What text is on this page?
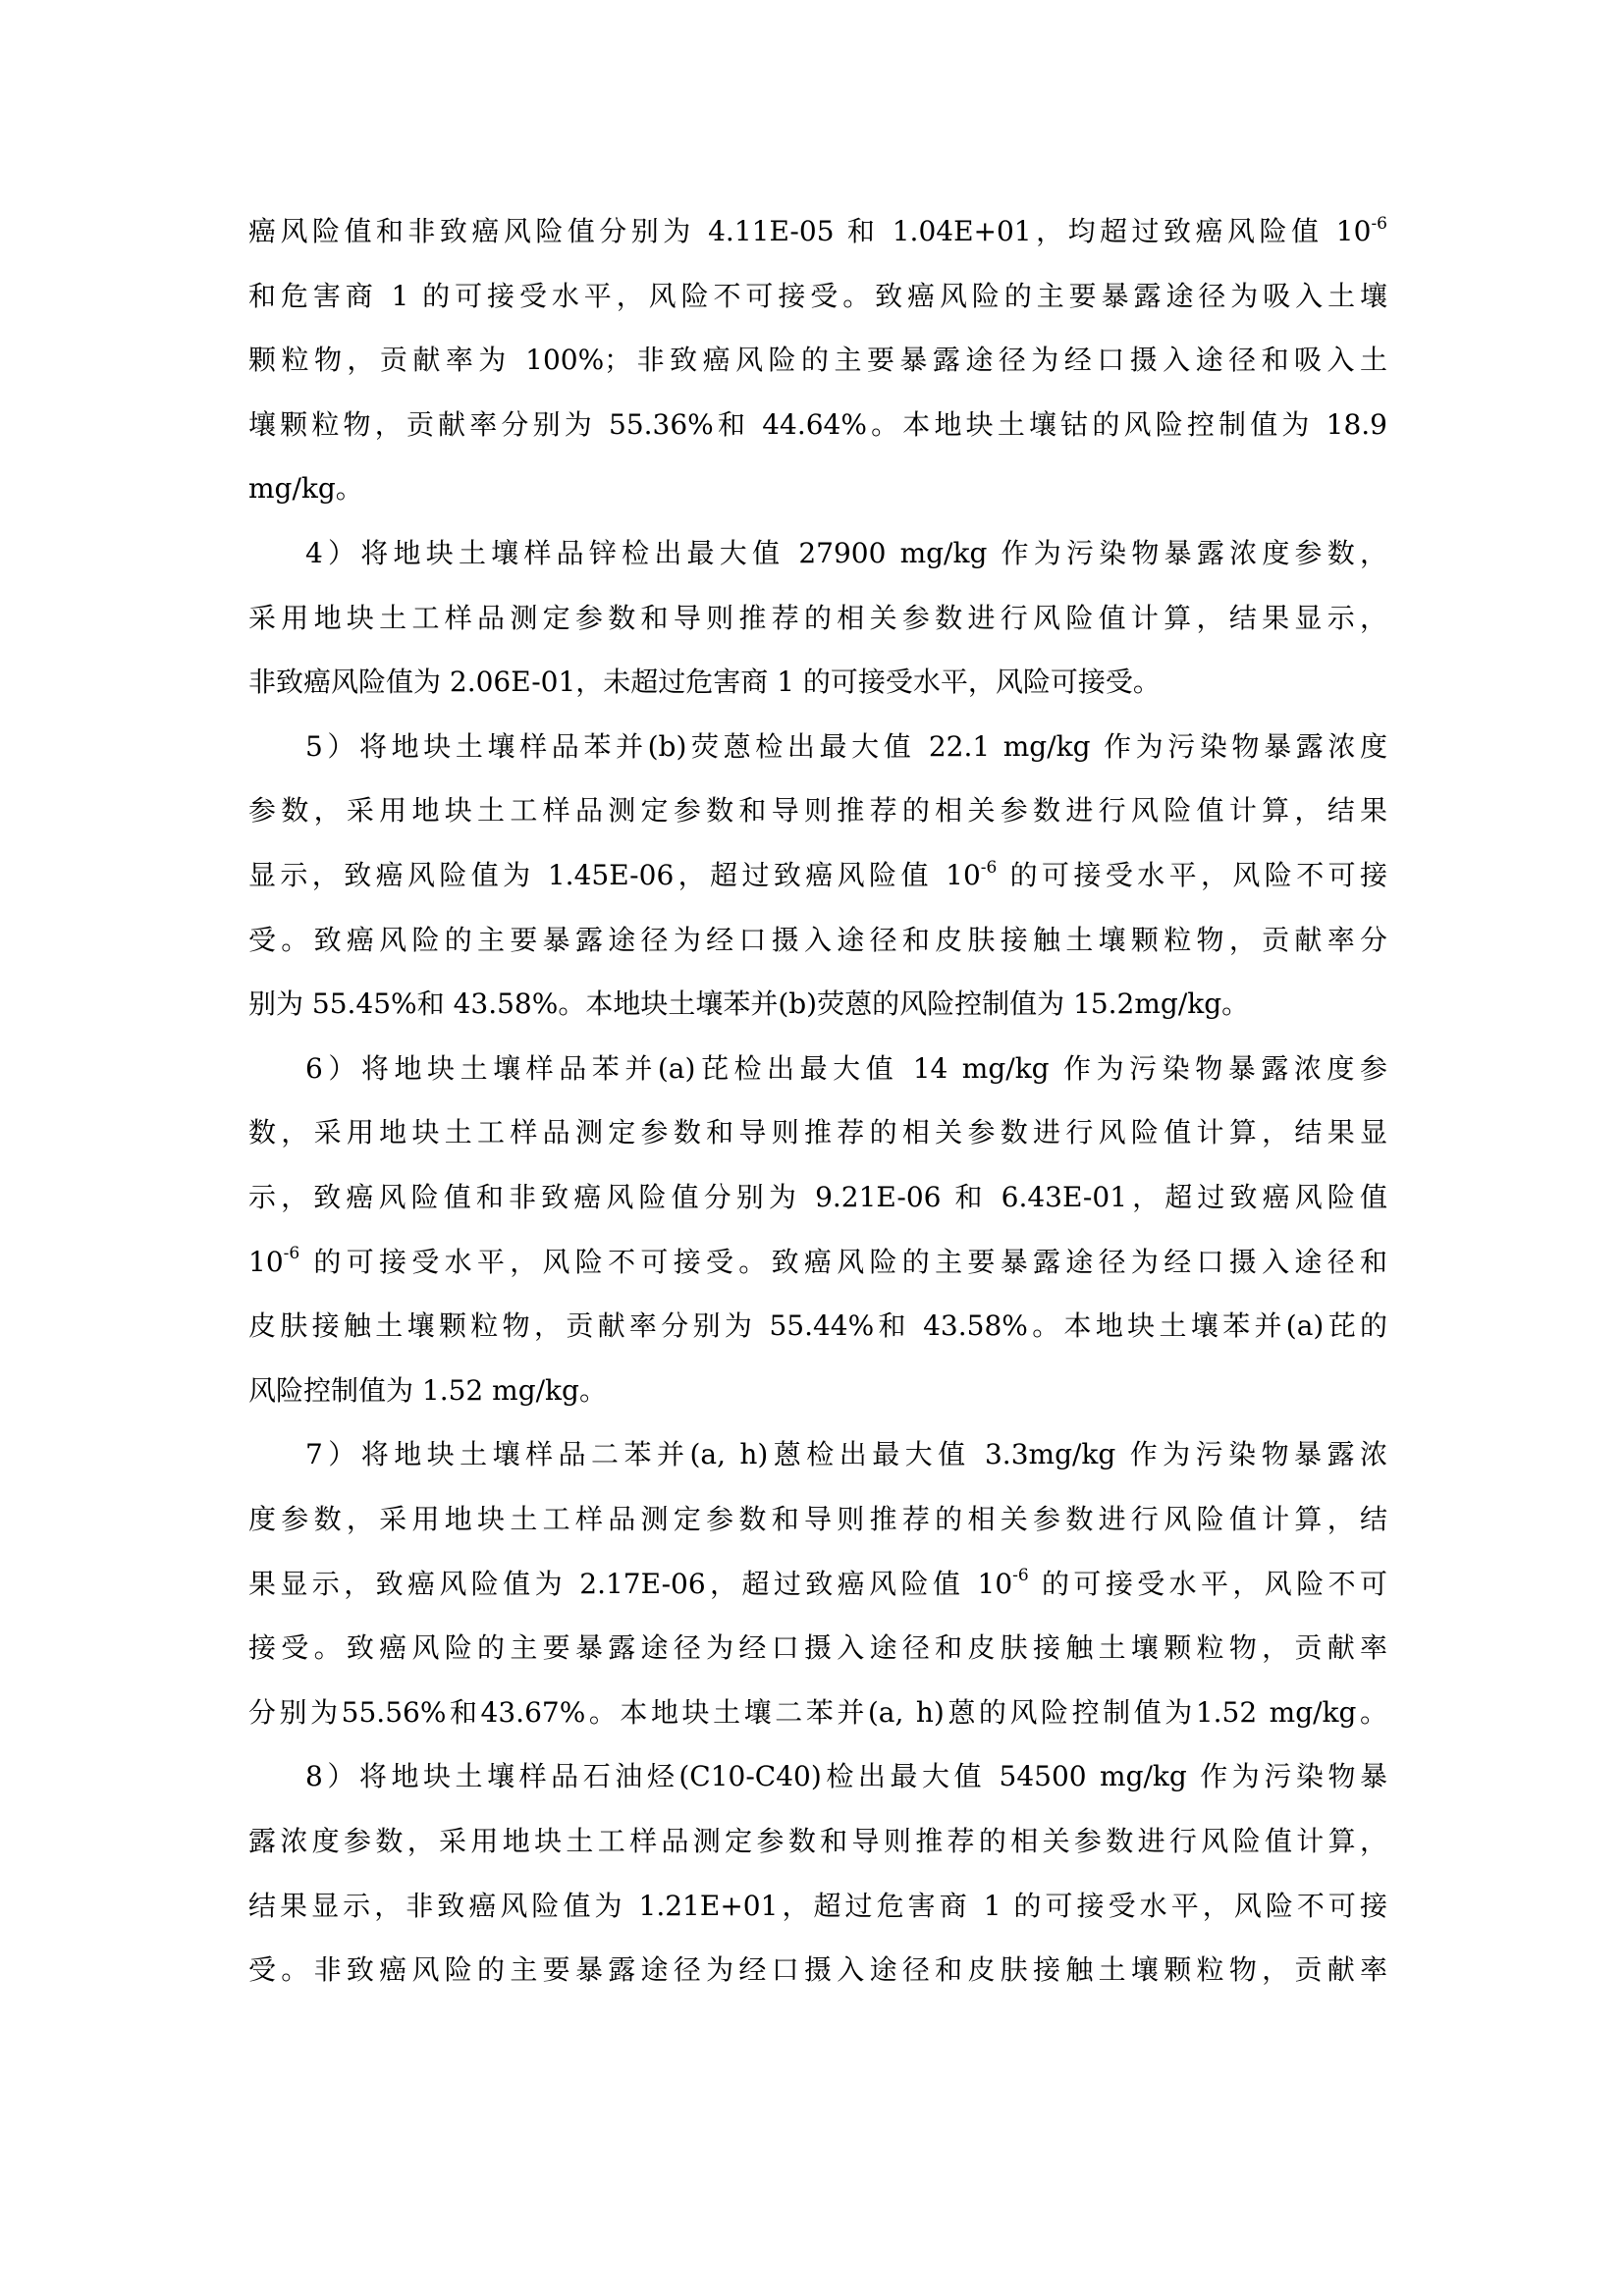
癌风险值和非致癌风险值分别为 4.11E-05 和 1.04E+01，均超过致癌风险值 $10^{-6}$
和危害商 1 的可接受水平，风险不可接受。致癌风险的主要暴露途径为吸入土壤
颗粒物，贡献率为 100%；非致癌风险的主要暴露途径为经口摄入途径和吸入土
壤颗粒物，贡献率分别为 55.36%和 44.64%。本地块土壤钴的风险控制值为 18.9
mg/kg。
4）将地块土壤样品锌检出最大值 27900 mg/kg 作为污染物暴露浓度参数，
采用地块土工样品测定参数和导则推荐的相关参数进行风险值计算，结果显示，
非致癌风险值为 2.06E-01，未超过危害商 1 的可接受水平，风险可接受。
5）将地块土壤样品苯并(b)荧蒽检出最大值 22.1 mg/kg 作为污染物暴露浓度
参数，采用地块土工样品测定参数和导则推荐的相关参数进行风险值计算，结果
显示，致癌风险值为 1.45E-06，超过致癌风险值 $10^{-6}$ 的可接受水平，风险不可接
受。致癌风险的主要暴露途径为经口摄入途径和皮肤接触土壤颗粒物，贡献率分
别为 55.45%和 43.58%。本地块土壤苯并(b)荧蒽的风险控制值为 15.2mg/kg。
6）将地块土壤样品苯并(a)芘检出最大值 14 mg/kg 作为污染物暴露浓度参
数，采用地块土工样品测定参数和导则推荐的相关参数进行风险值计算，结果显
示，致癌风险值和非致癌风险值分别为 9.21E-06 和 6.43E-01，超过致癌风险值
$10^{-6}$ 的可接受水平，风险不可接受。致癌风险的主要暴露途径为经口摄入途径和
皮肤接触土壤颗粒物，贡献率分别为 55.44%和 43.58%。本地块土壤苯并(a)芘的
风险控制值为 1.52 mg/kg。
7）将地块土壤样品二苯并(a, h)蒽检出最大值 3.3mg/kg 作为污染物暴露浓
度参数，采用地块土工样品测定参数和导则推荐的相关参数进行风险值计算，结
果显示，致癌风险值为 2.17E-06，超过致癌风险值 $10^{-6}$ 的可接受水平，风险不可
接受。致癌风险的主要暴露途径为经口摄入途径和皮肤接触土壤颗粒物，贡献率
分别为55.56%和43.67%。本地块土壤二苯并(a, h)蒽的风险控制值为1.52 mg/kg。
8）将地块土壤样品石油烃(C10-C40)检出最大值 54500 mg/kg 作为污染物暴
露浓度参数，采用地块土工样品测定参数和导则推荐的相关参数进行风险值计算，
结果显示，非致癌风险值为 1.21E+01，超过危害商 1 的可接受水平，风险不可接
受。非致癌风险的主要暴露途径为经口摄入途径和皮肤接触土壤颗粒物，贡献率
